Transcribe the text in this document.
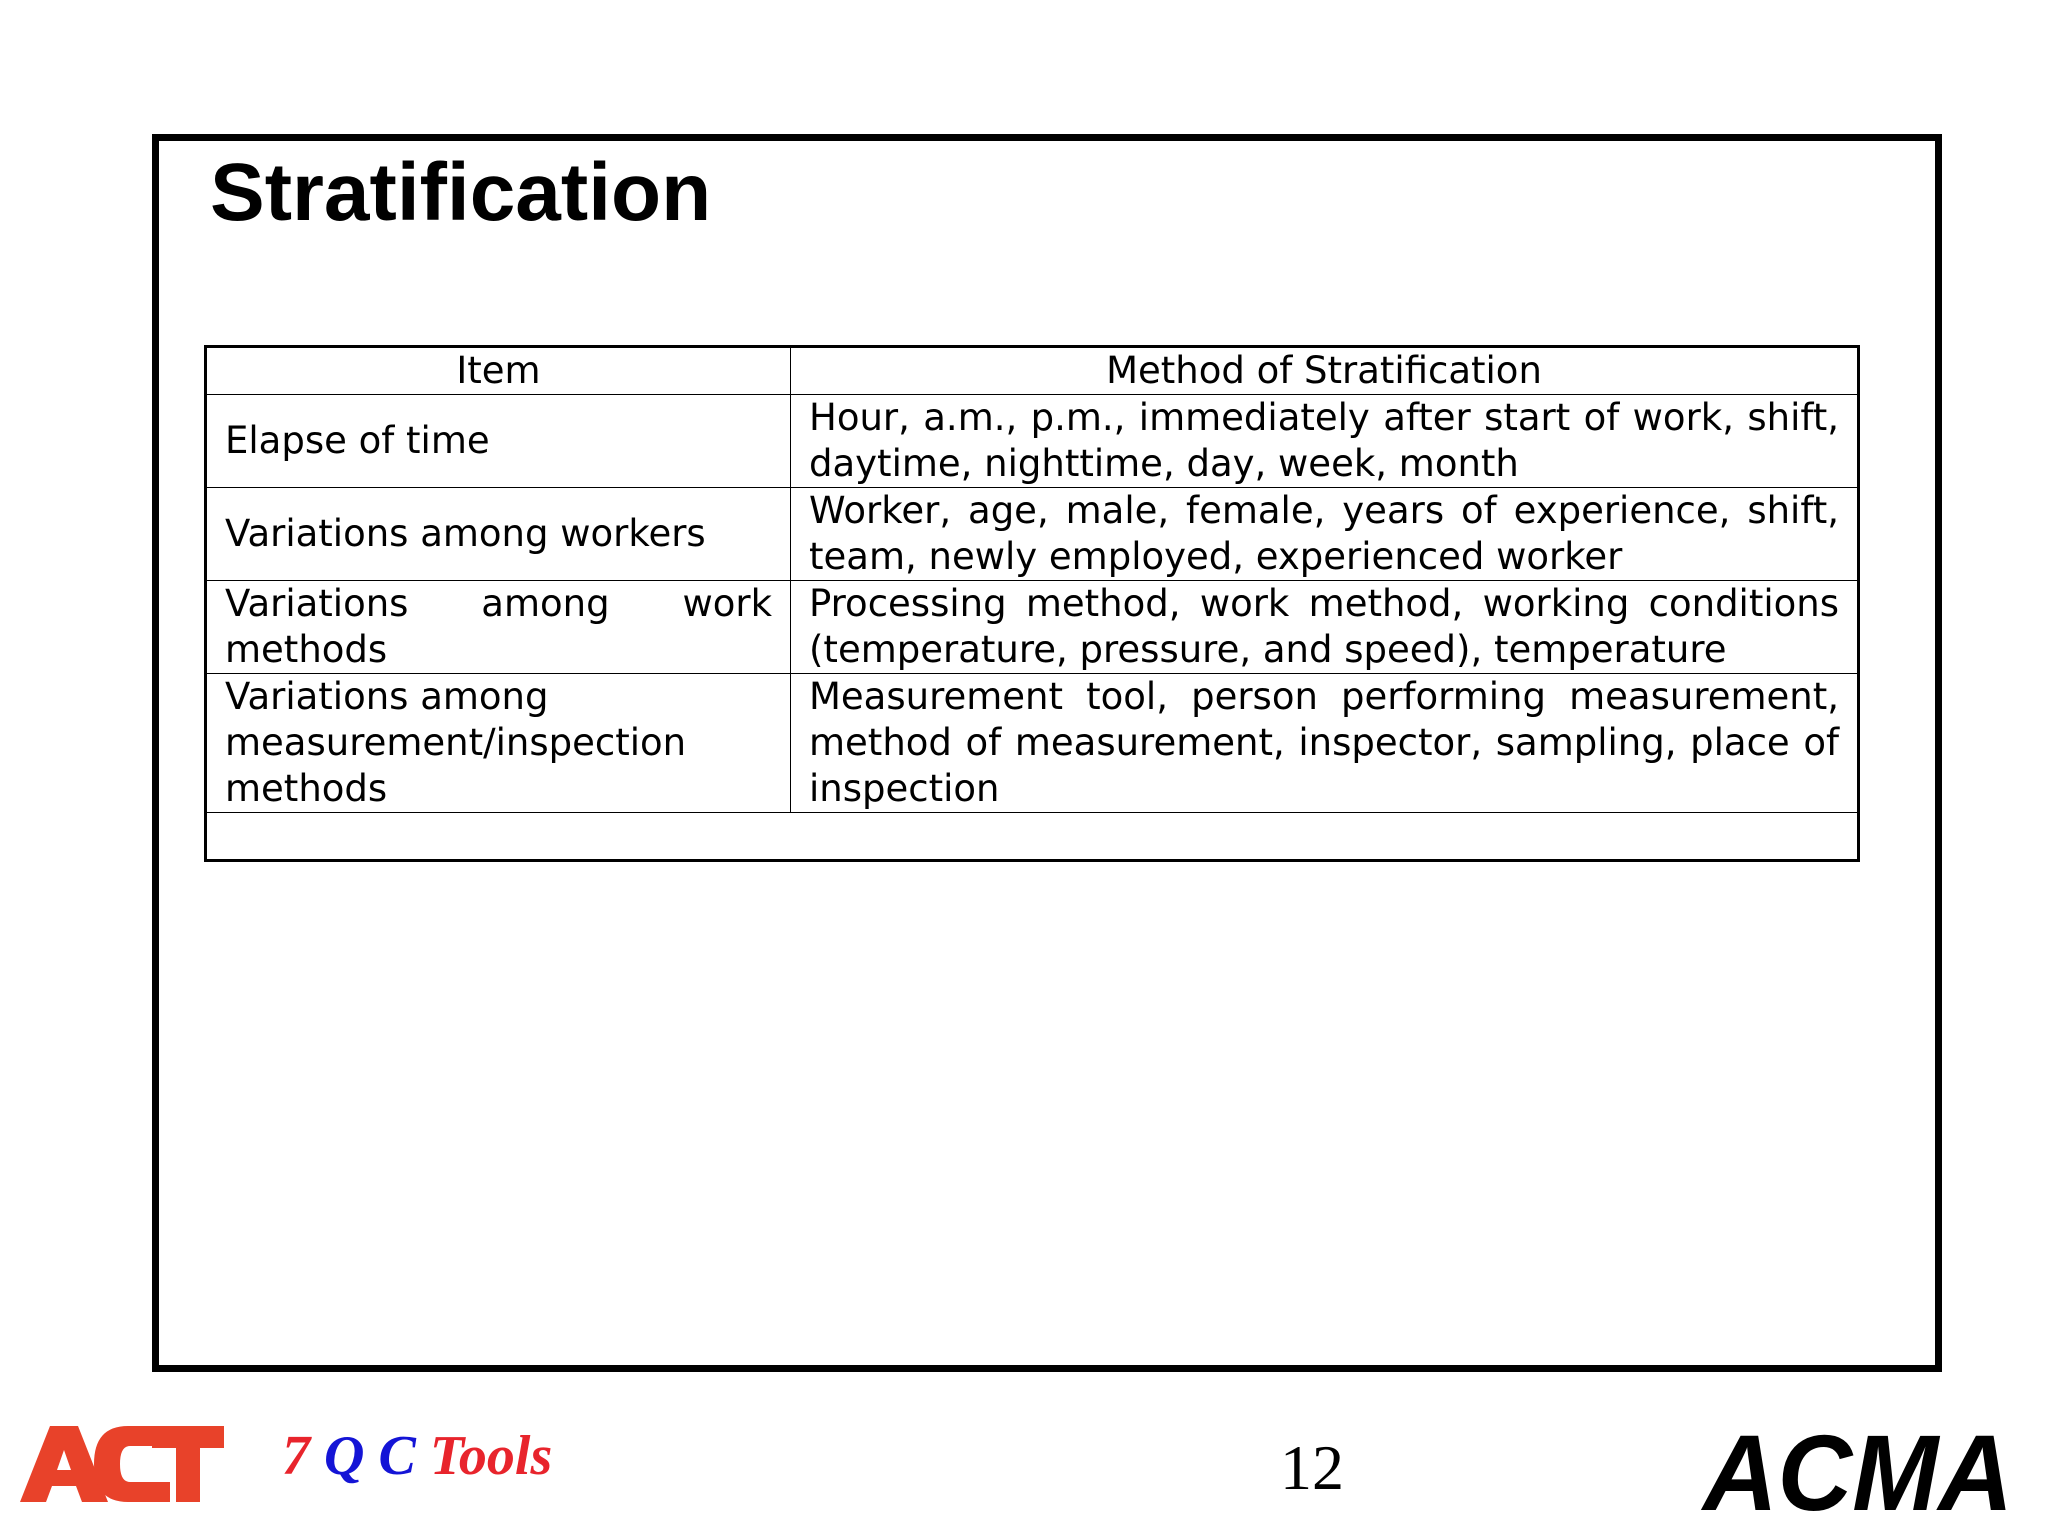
Stratification
Item	Method of Stratification
Elapse of time	Hour, a.m., p.m., immediately after start of work, shift, daytime, nighttime, day, week, month
Variations among workers	Worker, age, male, female, years of experience, shift, team, newly employed, experienced worker
Variations among work methods	Processing method, work method, working conditions (temperature, pressure, and speed), temperature
Variations among measurement/inspection methods	Measurement tool, person performing measurement, method of measurement, inspector, sampling, place of inspection

ACT
7 Q C Tools	12	ACMA
